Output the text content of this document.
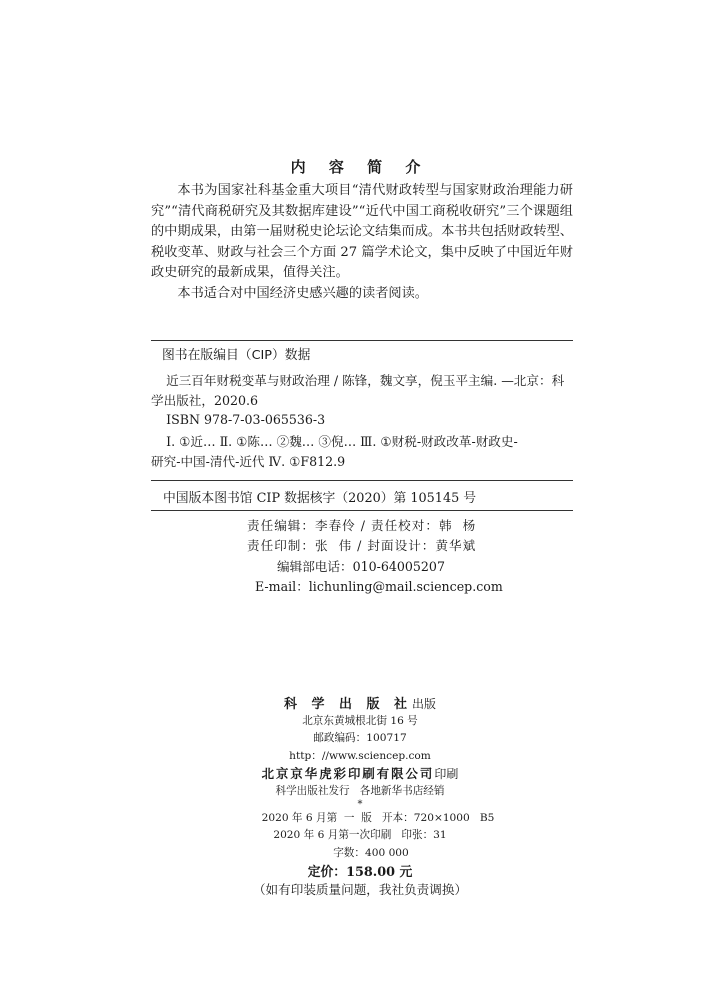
内 容 简 介

本书为国家社科基金重大项目“清代财政转型与国家财政治理能力研究”“清代商税研究及其数据库建设”“近代中国工商税收研究”三个课题组的中期成果，由第一届财税史论坛论文结集而成。本书共包括财政转型、税收变革、财政与社会三个方面 27 篇学术论文，集中反映了中国近年财政史研究的最新成果，值得关注。

本书适合对中国经济史感兴趣的读者阅读。

图书在版编目（CIP）数据
近三百年财税变革与财政治理 / 陈锋，魏文享，倪玉平主编. —北京：科
学出版社，2020.6
ISBN 978-7-03-065536-3
Ⅰ. ①近… Ⅱ. ①陈… ②魏… ③倪… Ⅲ. ①财税-财政改革-财政史-
研究-中国-清代-近代 Ⅳ. ①F812.9
中国版本图书馆 CIP 数据核字（2020）第 105145 号
责任编辑：李春伶 / 责任校对：韩  杨
责任印制：张  伟 / 封面设计：黄华斌
编辑部电话：010-64005207
E-mail：lichunling@mail.sciencep.com
科 学 出 版 社出版
北京东黄城根北街 16 号
邮政编码：100717
http：//www.sciencep.com
北京京华虎彩印刷有限公司印刷
科学出版社发行   各地新华书店经销
*
2020 年 6 月第  一  版   开本：720×1000   B5
2020 年 6 月第一次印刷   印张：31
字数：400 000
定价：158.00 元
（如有印装质量问题，我社负责调换）
